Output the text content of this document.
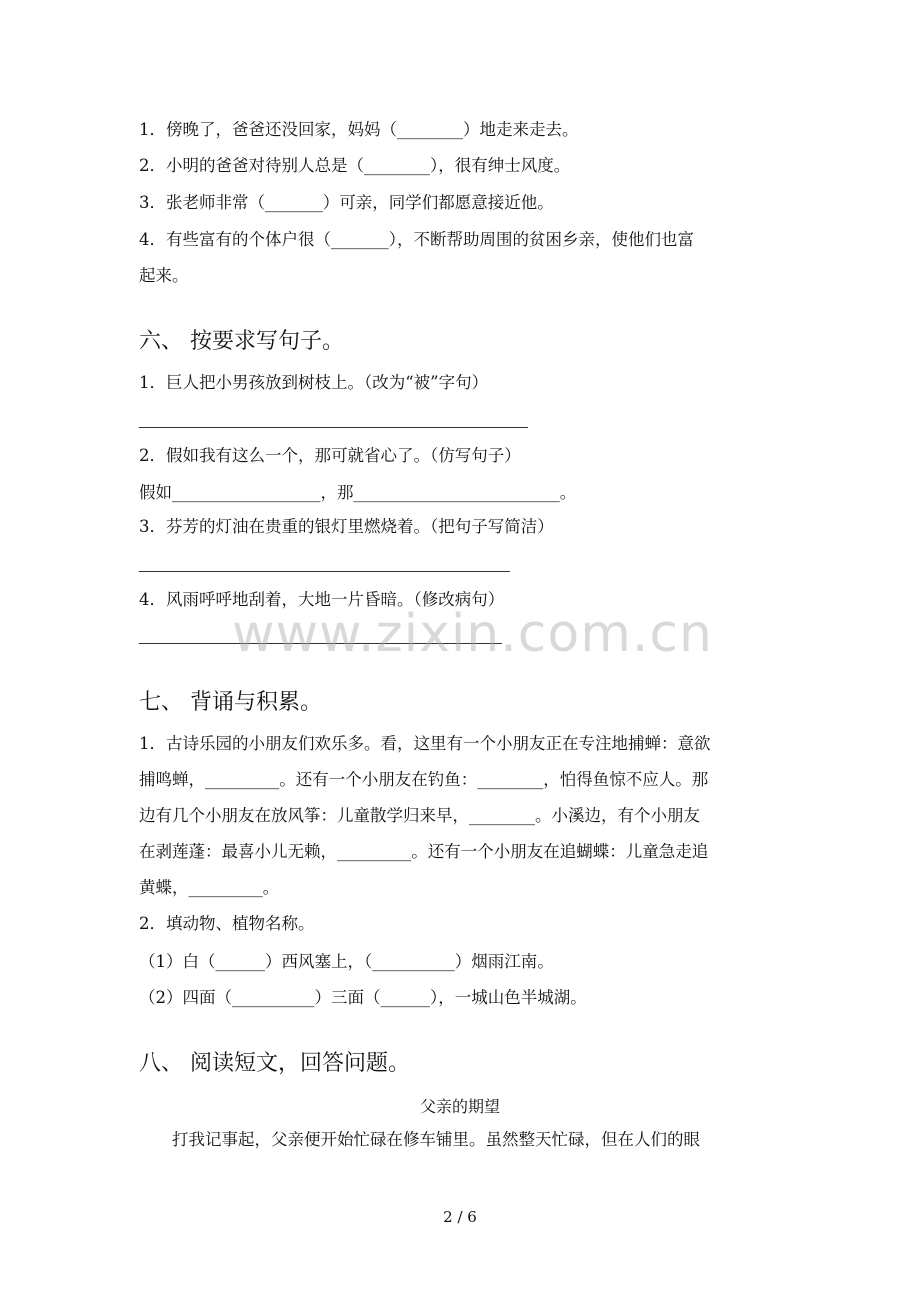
1．傍晚了，爸爸还没回家，妈妈（________）地走来走去。
2．小明的爸爸对待别人总是（________），很有绅士风度。
3．张老师非常（_______）可亲，同学们都愿意接近他。
4．有些富有的个体户很（_______），不断帮助周围的贫困乡亲，使他们也富
起来。
六、 按要求写句子。
1．巨人把小男孩放到树枝上。（改为“被”字句）
2．假如我有这么一个，那可就省心了。（仿写句子）
假如__________________，那_________________________。
3．芬芳的灯油在贵重的银灯里燃烧着。（把句子写简洁）
4．风雨呼呼地刮着，大地一片昏暗。（修改病句）
七、 背诵与积累。
1．古诗乐园的小朋友们欢乐多。看，这里有一个小朋友正在专注地捕蝉：意欲
捕鸣蝉，_________。还有一个小朋友在钓鱼：________，怕得鱼惊不应人。那
边有几个小朋友在放风筝：儿童散学归来早，________。小溪边，有个小朋友
在剥莲蓬：最喜小儿无赖，_________。还有一个小朋友在追蝴蝶：儿童急走追
黄蝶，_________。
2．填动物、植物名称。
（1）白（______）西风塞上，（__________）烟雨江南。
（2）四面（__________）三面（______），一城山色半城湖。
八、 阅读短文，回答问题。
父亲的期望
打我记事起，父亲便开始忙碌在修车铺里。虽然整天忙碌，但在人们的眼
www.zixin.com.cn
2 / 6
